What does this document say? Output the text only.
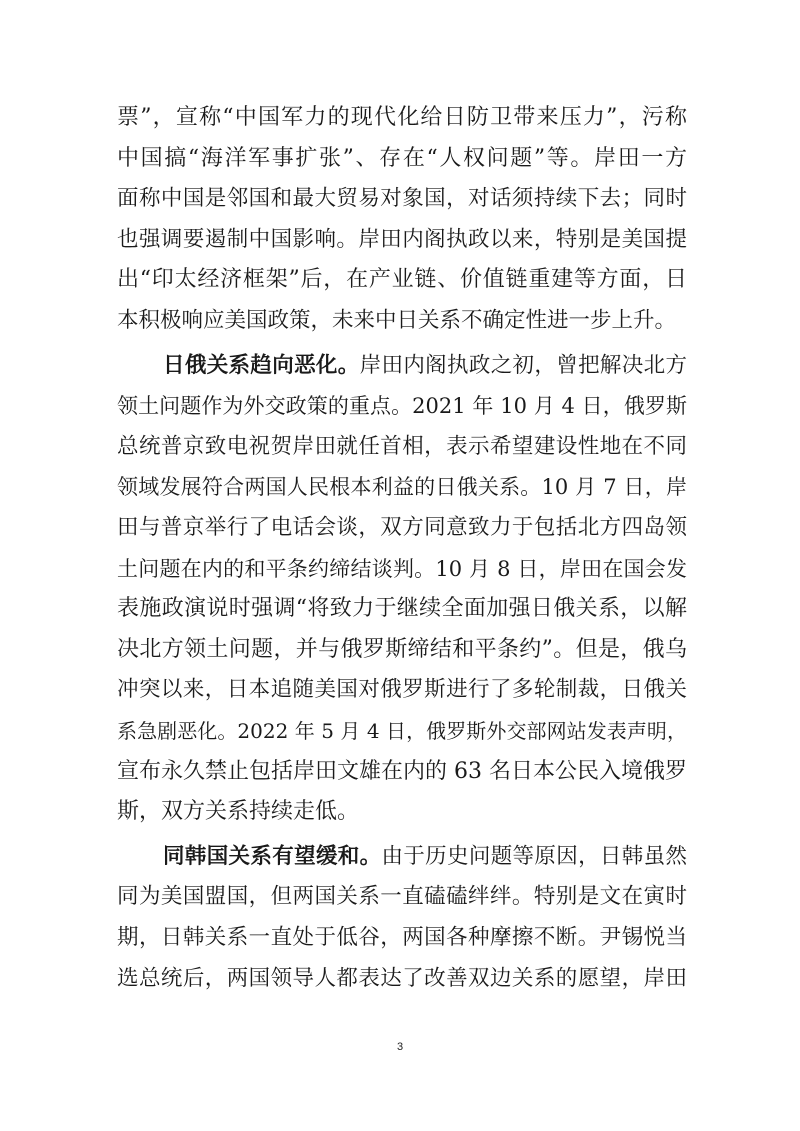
票”，宣称“中国军力的现代化给日防卫带来压力”，污称
中国搞“海洋军事扩张”、存在“人权问题”等。岸田一方
面称中国是邻国和最大贸易对象国，对话须持续下去；同时
也强调要遏制中国影响。岸田内阁执政以来，特别是美国提
出“印太经济框架”后，在产业链、价值链重建等方面，日
本积极响应美国政策，未来中日关系不确定性进一步上升。
日俄关系趋向恶化。岸田内阁执政之初，曾把解决北方
领土问题作为外交政策的重点。2021 年 10 月 4 日，俄罗斯
总统普京致电祝贺岸田就任首相，表示希望建设性地在不同
领域发展符合两国人民根本利益的日俄关系。10 月 7 日，岸
田与普京举行了电话会谈，双方同意致力于包括北方四岛领
土问题在内的和平条约缔结谈判。10 月 8 日，岸田在国会发
表施政演说时强调“将致力于继续全面加强日俄关系，以解
决北方领土问题，并与俄罗斯缔结和平条约”。但是，俄乌
冲突以来，日本追随美国对俄罗斯进行了多轮制裁，日俄关
系急剧恶化。2022 年 5 月 4 日，俄罗斯外交部网站发表声明，
宣布永久禁止包括岸田文雄在内的 63 名日本公民入境俄罗
斯，双方关系持续走低。
同韩国关系有望缓和。由于历史问题等原因，日韩虽然
同为美国盟国，但两国关系一直磕磕绊绊。特别是文在寅时
期，日韩关系一直处于低谷，两国各种摩擦不断。尹锡悦当
选总统后，两国领导人都表达了改善双边关系的愿望，岸田
3
